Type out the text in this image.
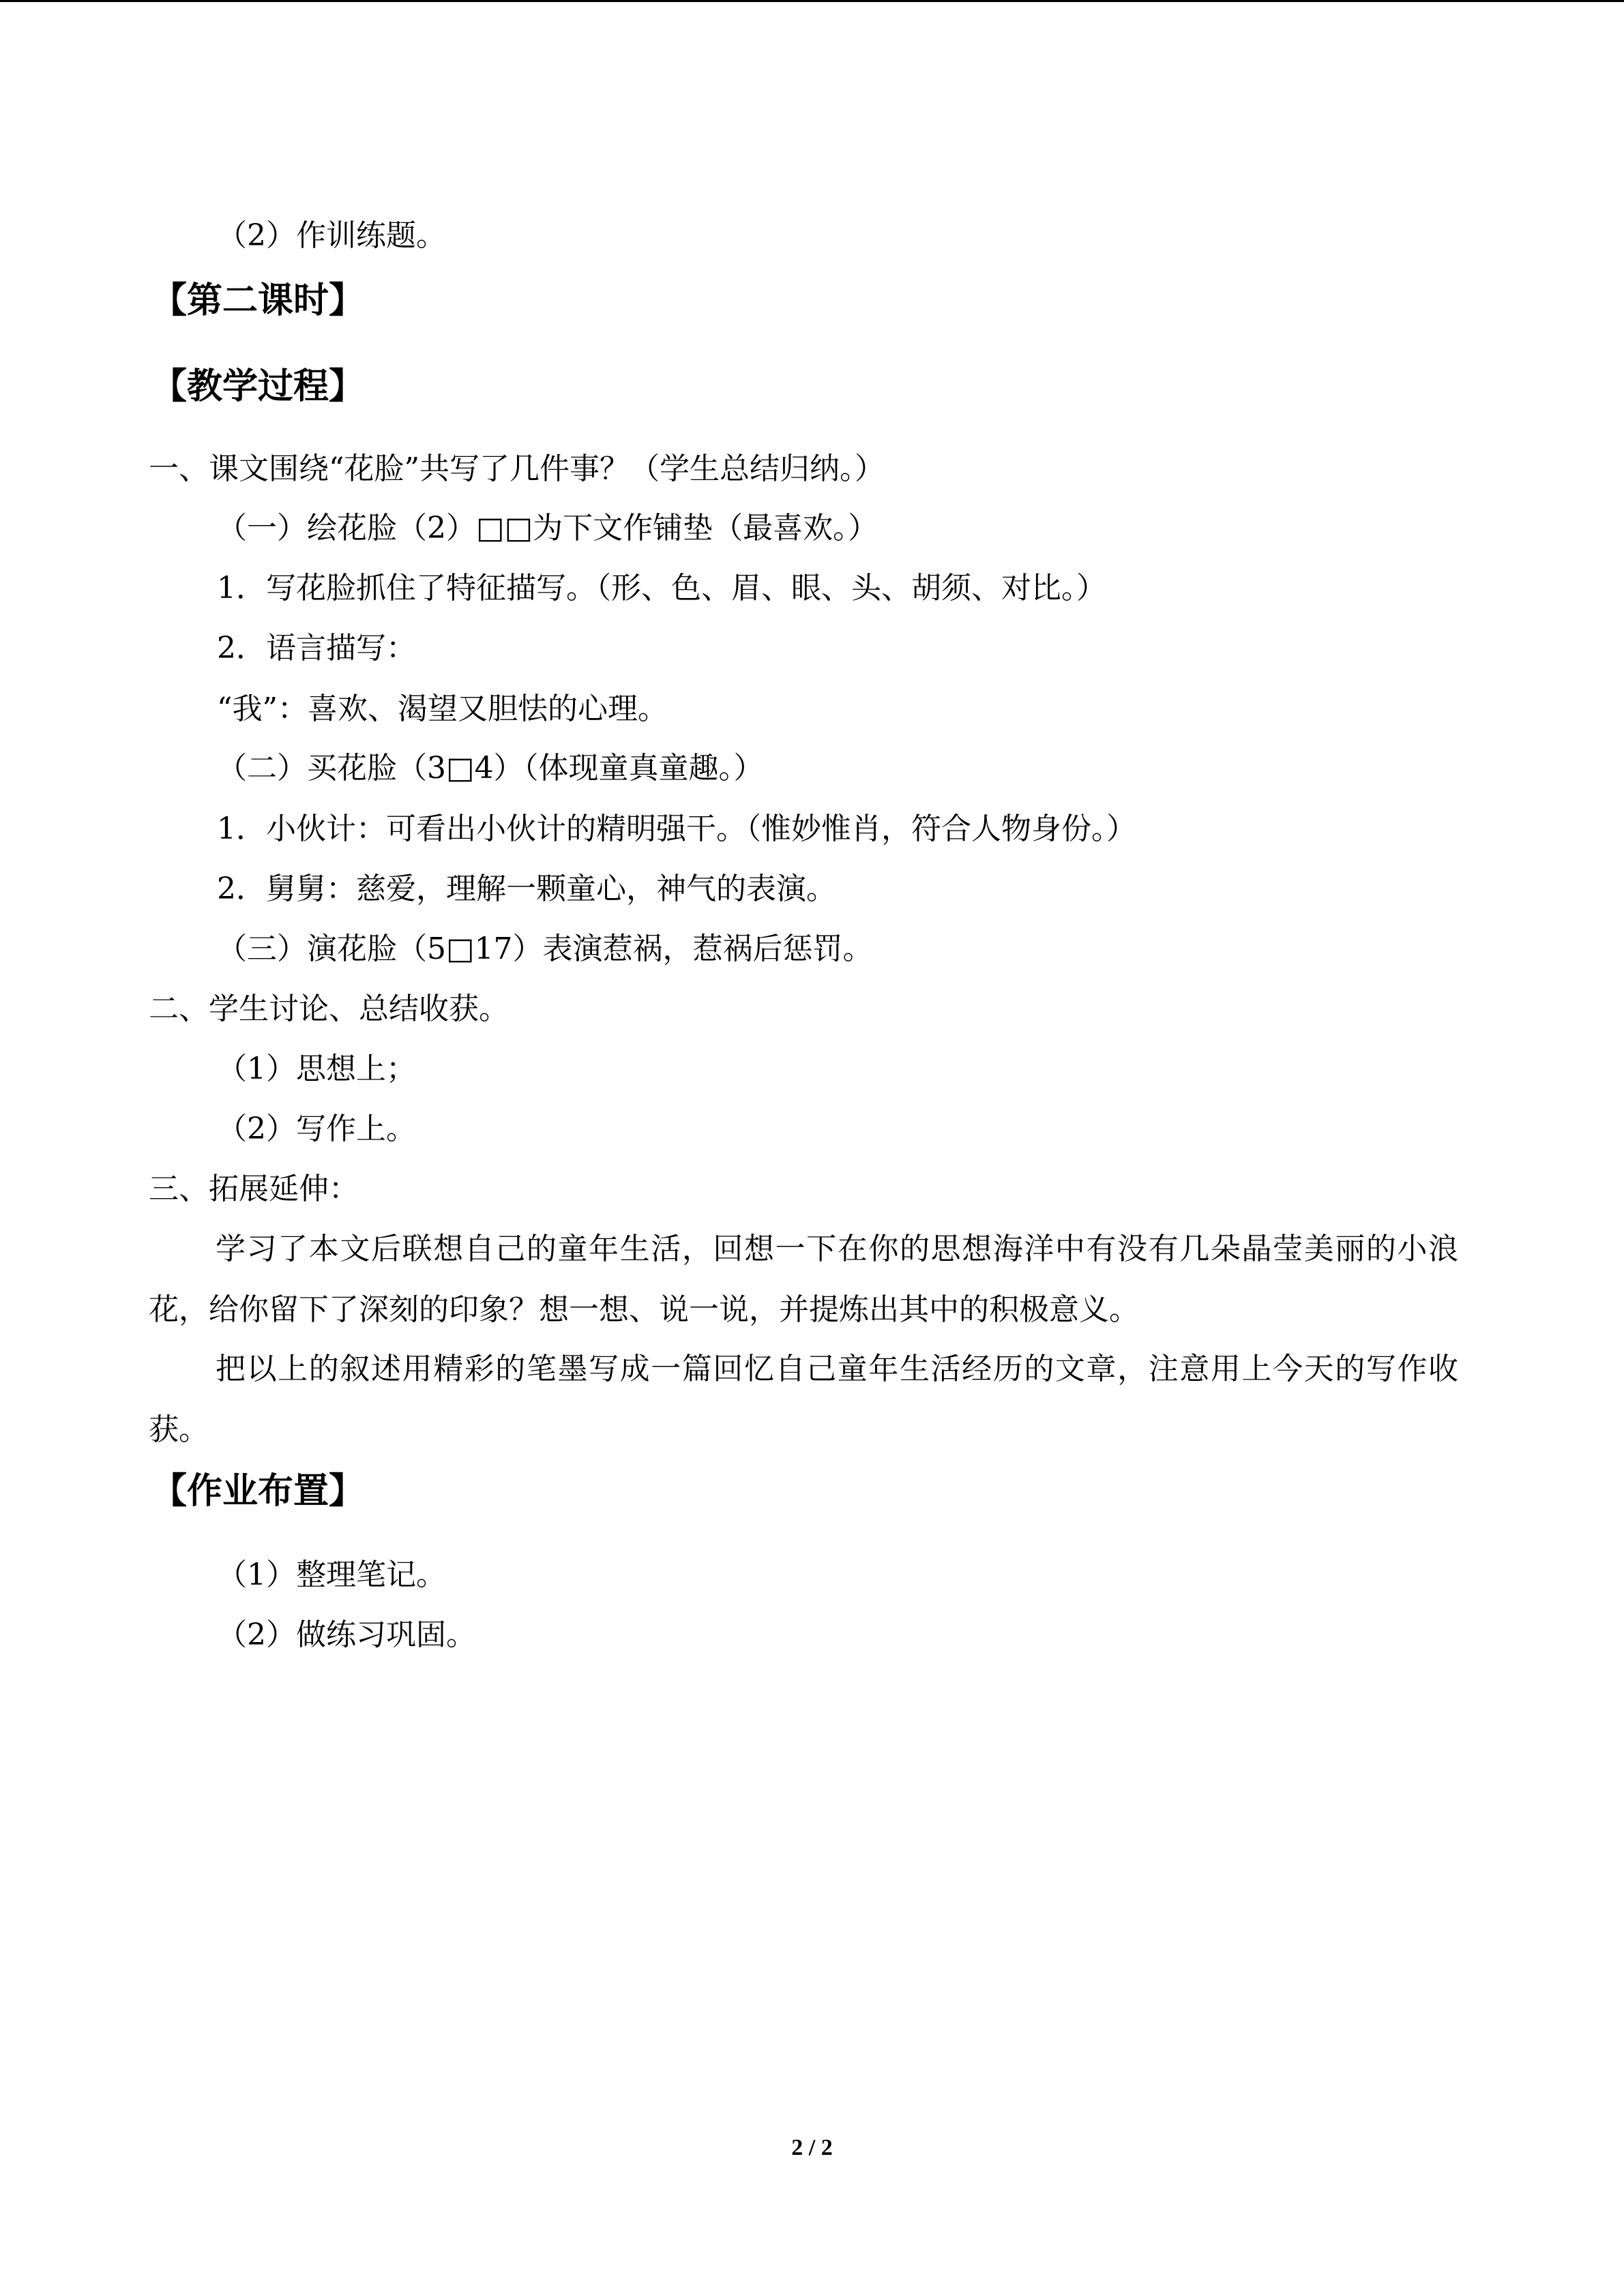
（2）作训练题。
【第二课时】
【教学过程】
一、课文围绕“花脸”共写了几件事？（学生总结归纳。）
（一）绘花脸（2）□□为下文作铺垫（最喜欢。）
1．写花脸抓住了特征描写。（形、色、眉、眼、头、胡须、对比。）
2．语言描写：
“我”：喜欢、渴望又胆怯的心理。
（二）买花脸（3□4）（体现童真童趣。）
1．小伙计：可看出小伙计的精明强干。（惟妙惟肖，符合人物身份。）
2．舅舅：慈爱，理解一颗童心，神气的表演。
（三）演花脸（5□17）表演惹祸，惹祸后惩罚。
二、学生讨论、总结收获。
（1）思想上；
（2）写作上。
三、拓展延伸：
学习了本文后联想自己的童年生活，回想一下在你的思想海洋中有没有几朵晶莹美丽的小浪花，给你留下了深刻的印象？想一想、说一说，并提炼出其中的积极意义。
把以上的叙述用精彩的笔墨写成一篇回忆自己童年生活经历的文章，注意用上今天的写作收获。
【作业布置】
（1）整理笔记。
（2）做练习巩固。
2 / 2
